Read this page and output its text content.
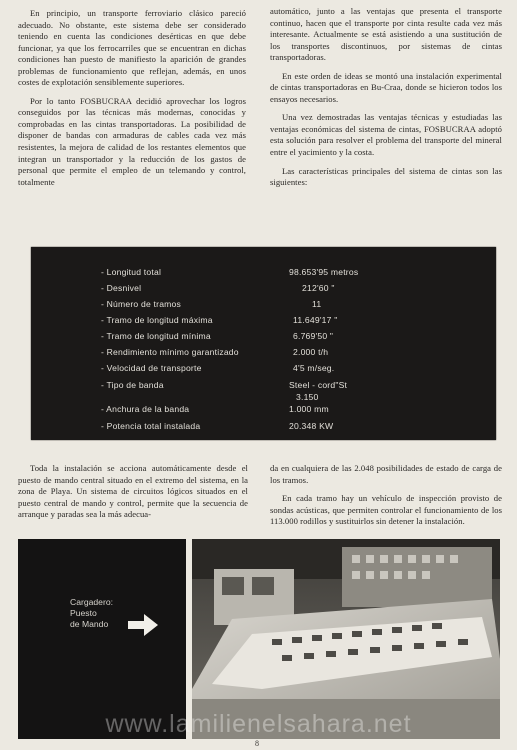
En principio, un transporte ferroviario clásico pareció adecuado. No obstante, este sistema debe ser considerado teniendo en cuenta las condiciones desérticas en que debe funcionar, ya que los ferrocarriles que se encuentran en dichas condiciones han puesto de manifiesto la aparición de grandes problemas de funcionamiento que reflejan, además, en unos costes de explotación sensiblemente superiores.

Por lo tanto FOSBUCRAA decidió aprovechar los logros conseguidos por las técnicas más modernas, conocidas y comprobadas en las cintas transportadoras. La posibilidad de disponer de bandas con armaduras de cables cada vez más resistentes, la mejora de calidad de los restantes elementos que integran un transportador y la reducción de los gastos de personal que permite el empleo de un telemando y control, totalmente

automático, junto a las ventajas que presenta el transporte continuo, hacen que el transporte por cinta resulte cada vez más interesante. Actualmente se está asistiendo a una sustitución de los transportes discontinuos, por sistemas de cintas transportadoras.

En este orden de ideas se montó una instalación experimental de cintas transportadoras en Bu-Craa, donde se hicieron todos los ensayos necesarios.

Una vez demostradas las ventajas técnicas y estudiadas las ventajas económicas del sistema de cintas, FOSBUCRAA adoptó esta solución para resolver el problema del transporte del mineral entre el yacimiento y la costa.

Las características principales del sistema de cintas son las siguientes:

- Longitud total	98.653'95 metros
- Desnivel	212'60 "
- Número de tramos	11
- Tramo de longitud máxima	11.649'17 "
- Tramo de longitud mínima	6.769'50 "
- Rendimiento mínimo garantizado	2.000 t/h
- Velocidad de transporte	4'5 m/seg.
- Tipo de banda	Steel - cord"St
3.150
- Anchura de la banda	1.000 mm
- Potencia total instalada	20.348 KW

Toda la instalación se acciona automáticamente desde el puesto de mando central situado en el extremo del sistema, en la zona de Playa. Un sistema de circuitos lógicos situados en el puesto central de mando y control, permite que la secuencia de arranque y paradas sea la más adecua-

da en cualquiera de las 2.048 posibilidades de estado de carga de los tramos.

En cada tramo hay un vehículo de inspección provisto de sondas acústicas, que permiten controlar el funcionamiento de los 113.000 rodillos y sustituirlos sin detener la instalación.

Cargadero:
Puesto
de Mando
www.lamilienelsahara.net
8
